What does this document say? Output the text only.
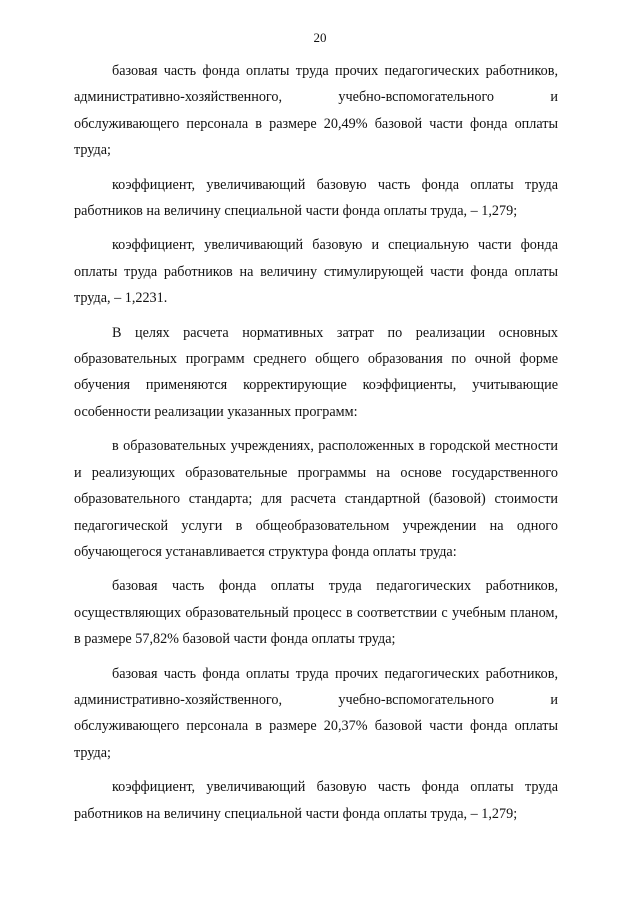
20

базовая часть фонда оплаты труда прочих педагогических работников, административно-хозяйственного, учебно-вспомогательного и обслуживающего персонала в размере 20,49% базовой части фонда оплаты труда;

коэффициент, увеличивающий базовую часть фонда оплаты труда работников на величину специальной части фонда оплаты труда, – 1,279;

коэффициент, увеличивающий базовую и специальную части фонда оплаты труда работников на величину стимулирующей части фонда оплаты труда, – 1,2231.

В целях расчета нормативных затрат по реализации основных образовательных программ среднего общего образования по очной форме обучения применяются корректирующие коэффициенты, учитывающие особенности реализации указанных программ:

в образовательных учреждениях, расположенных в городской местности и реализующих образовательные программы на основе государственного образовательного стандарта; для расчета стандартной (базовой) стоимости педагогической услуги в общеобразовательном учреждении на одного обучающегося устанавливается структура фонда оплаты труда:

базовая часть фонда оплаты труда педагогических работников, осуществляющих образовательный процесс в соответствии с учебным планом, в размере 57,82% базовой части фонда оплаты труда;

базовая часть фонда оплаты труда прочих педагогических работников, административно-хозяйственного, учебно-вспомогательного и обслуживающего персонала в размере 20,37% базовой части фонда оплаты труда;

коэффициент, увеличивающий базовую часть фонда оплаты труда работников на величину специальной части фонда оплаты труда, – 1,279;
